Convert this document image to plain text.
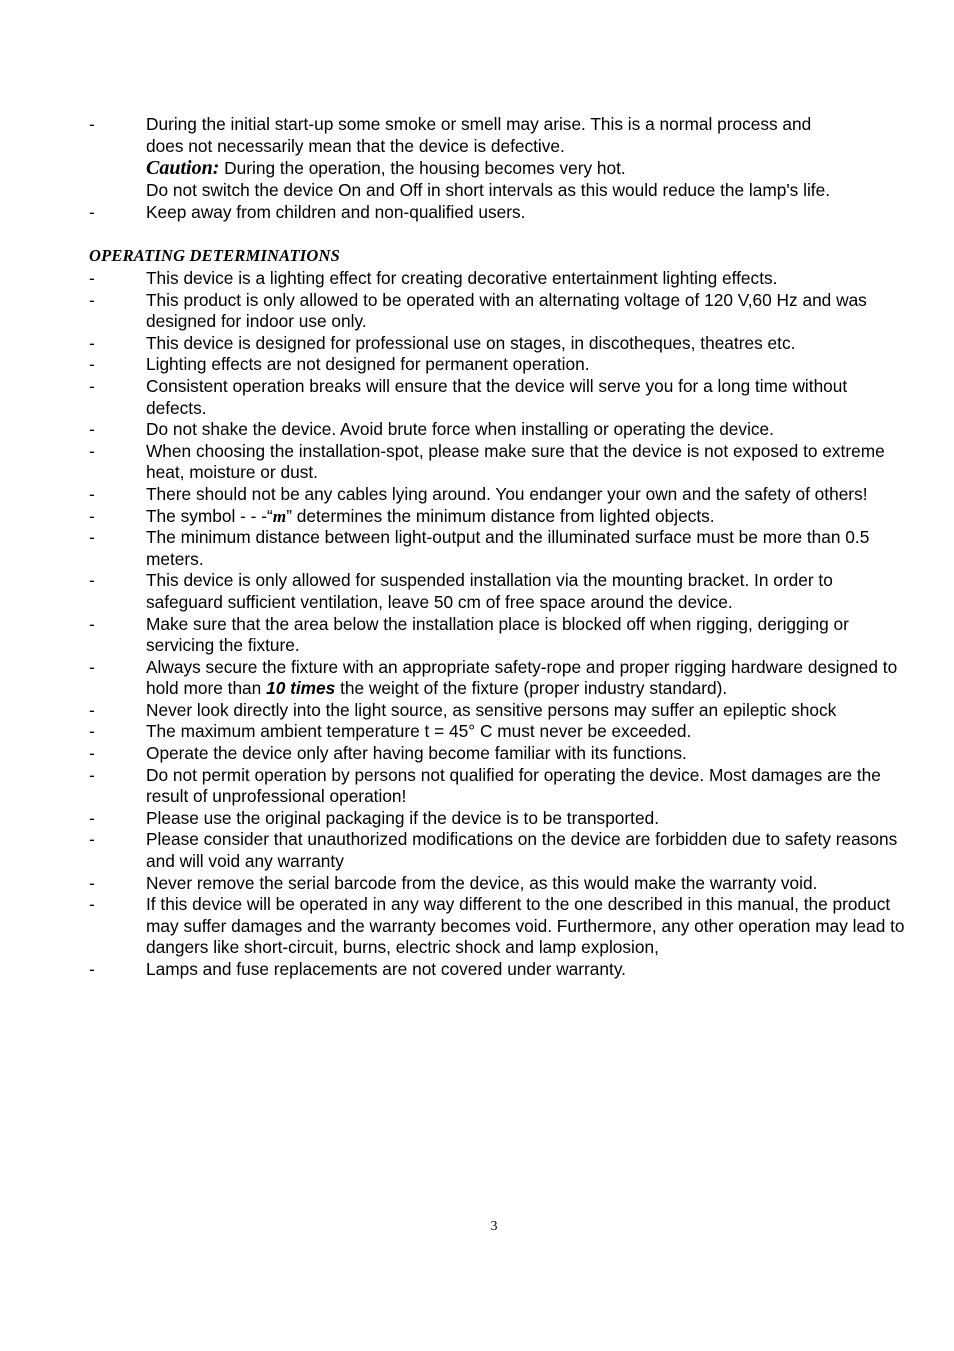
-	During the initial start-up some smoke or smell may arise. This is a normal process and
does not necessarily mean that the device is defective.
Caution: During the operation, the housing becomes very hot.
Do not switch the device On and Off in short intervals as this would reduce the lamp's life.
-	Keep away from children and non-qualified users.
OPERATING DETERMINATIONS
-	This device is a lighting effect for creating decorative entertainment lighting effects.
-	This product is only allowed to be operated with an alternating voltage of 120 V,60 Hz and was designed for indoor use only.
-	This device is designed for professional use on stages, in discotheques, theatres etc.
-	Lighting effects are not designed for permanent operation.
-	Consistent operation breaks will ensure that the device will serve you for a long time without defects.
-	Do not shake the device. Avoid brute force when installing or operating the device.
-	When choosing the installation-spot, please make sure that the device is not exposed to extreme heat, moisture or dust.
-	There should not be any cables lying around. You endanger your own and the safety of others!
-	The symbol - - -“m” determines the minimum distance from lighted objects.
-	The minimum distance between light-output and the illuminated surface must be more than 0.5 meters.
-	This device is only allowed for suspended installation via the mounting bracket. In order to safeguard sufficient ventilation, leave 50 cm of free space around the device.
-	Make sure that the area below the installation place is blocked off when rigging, derigging or servicing the fixture.
-	Always secure the fixture with an appropriate safety-rope and proper rigging hardware designed to hold more than 10 times the weight of the fixture (proper industry standard).
-	Never look directly into the light source, as sensitive persons may suffer an epileptic shock
-	The maximum ambient temperature t = 45° C must never be exceeded.
-	Operate the device only after having become familiar with its functions.
-	Do not permit operation by persons not qualified for operating the device. Most damages are the result of unprofessional operation!
-	Please use the original packaging if the device is to be transported.
-	Please consider that unauthorized modifications on the device are forbidden due to safety reasons and will void any warranty
-	Never remove the serial barcode from the device, as this would make the warranty void.
-	If this device will be operated in any way different to the one described in this manual, the product may suffer damages and the warranty becomes void. Furthermore, any other operation may lead to dangers like short-circuit, burns, electric shock and lamp explosion,
-	Lamps and fuse replacements are not covered under warranty.
3
